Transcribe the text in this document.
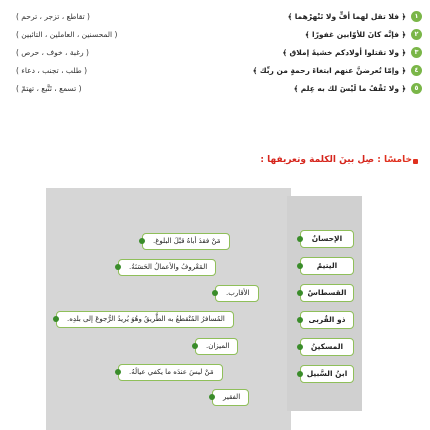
١
﴿ فلا تقل لهما أفٍّ ولا تَنْهرْهما ﴾
( تقاطع ، تزجر ، ترحم )
٢
﴿ فإنَّه كانَ للأوّابين غفورًا ﴾
( المحسنين ، العاملين ، التائبين )
٣
﴿ ولا تقتلوا أولادكم خشيةَ إملاق ﴾
( رغبة ، خوف ، حرص )
٤
﴿ وإمّا تُعرضنَّ عنهم ابتغاءَ رحمةٍ من ربِّك ﴾
( طلب ، تجنب ، دعاء )
٥
﴿ ولا تَقْفُ ما لَيْسَ لك به عِلم ﴾
( تسمع ، تَتَّبع ، تهتمّ )
خامسًا : صِل بينَ الكلمة وتعريفها :
الإحسانُ
اليتيمُ
القسطاسُ
ذو القُربى
المسكينُ
ابنُ السَّبيل
مَنْ فقدَ أباهُ قبْلَ البلوغ.
المَعْروفُ والأعمالُ الحَسَنَةُ.
الأقارب.
المُسافرُ المُنْقطعُ به الطَّريقُ وهُوَ يُريدُ الرُّجوعَ إلى بلدِه.
الميزان.
مَنْ ليسَ عندَه ما يكفي عيالَهُ.
الفقير
